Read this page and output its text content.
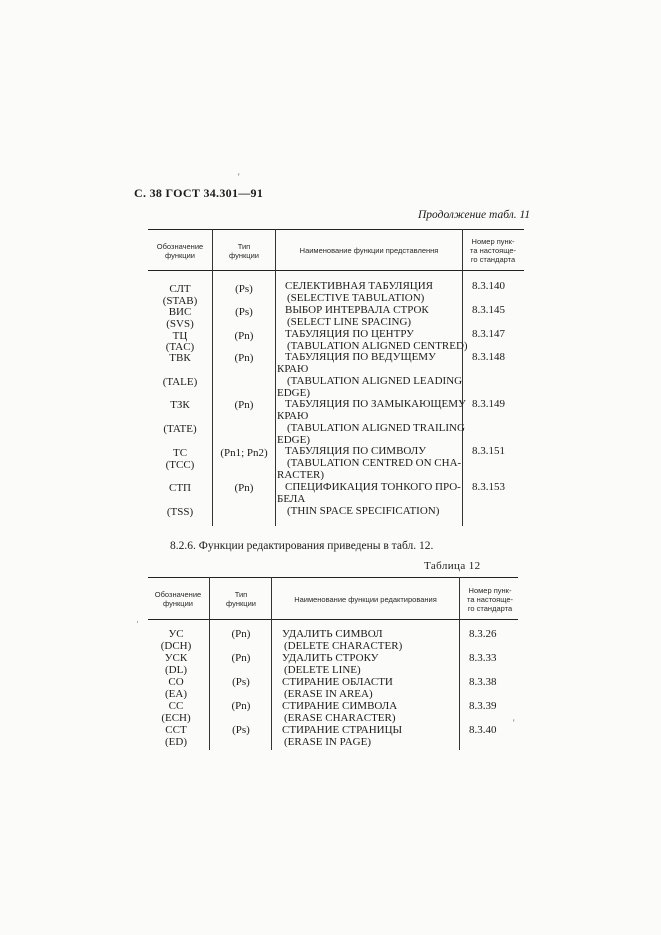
С. 38 ГОСТ 34.301—91
Продолжение табл. 11
Обозначение
функции
Тип
функции
Наименование функции представлення
Номер пунк-
та настояще-
го стандарта
СЛТ
(STAB)
ВИС
(SVS)
ТЦ
(TAC)
ТВК
(TALE)
ТЗК
(TATE)
ТС
(TCC)
СТП
(TSS)
(Ps)
(Ps)
(Pn)
(Pn)
(Pn)
(Pn1; Pn2)
(Pn)
СЕЛЕКТИВНАЯ ТАБУЛЯЦИЯ
(SELECTIVE TABULATION)
ВЫБОР ИНТЕРВАЛА СТРОК
(SELECT LINE SPACING)
ТАБУЛЯЦИЯ ПО ЦЕНТРУ
(TABULATION ALIGNED CENTRED)
ТАБУЛЯЦИЯ ПО ВЕДУЩЕМУ
КРАЮ
(TABULATION ALIGNED LEADING
EDGE)
ТАБУЛЯЦИЯ ПО ЗАМЫКАЮЩЕМУ
КРАЮ
(TABULATION ALIGNED TRAILING
EDGE)
ТАБУЛЯЦИЯ ПО СИМВОЛУ
(TABULATION CENTRED ON CHA-
RACTER)
СПЕЦИФИКАЦИЯ ТОНКОГО ПРО-
БЕЛА
(THIN SPACE SPECIFICATION)
8.3.140
8.3.145
8.3.147
8.3.148
8.3.149
8.3.151
8.3.153
8.2.6. Функции редактирования приведены в табл. 12.
Таблица 12
Обозначение
функции
Тип
функции	Наименование функции редактирования
Номер пунк-
та настояще-
го стандарта
УС
(DCH)
УСК
(DL)
СО
(EA)
СС
(ECH)
ССТ
(ED)
(Pn)
(Pn)
(Ps)
(Pn)
(Ps)
УДАЛИТЬ СИМВОЛ
(DELETE CHARACTER)
УДАЛИТЬ СТРОКУ
(DELETE LINE)
СТИРАНИЕ ОБЛАСТИ
(ERASE IN AREA)
СТИРАНИЕ СИМВОЛА
(ERASE CHARACTER)
СТИРАНИЕ СТРАНИЦЫ
(ERASE IN PAGE)
8.3.26
8.3.33
8.3.38
8.3.39
8.3.40
'
·
'
